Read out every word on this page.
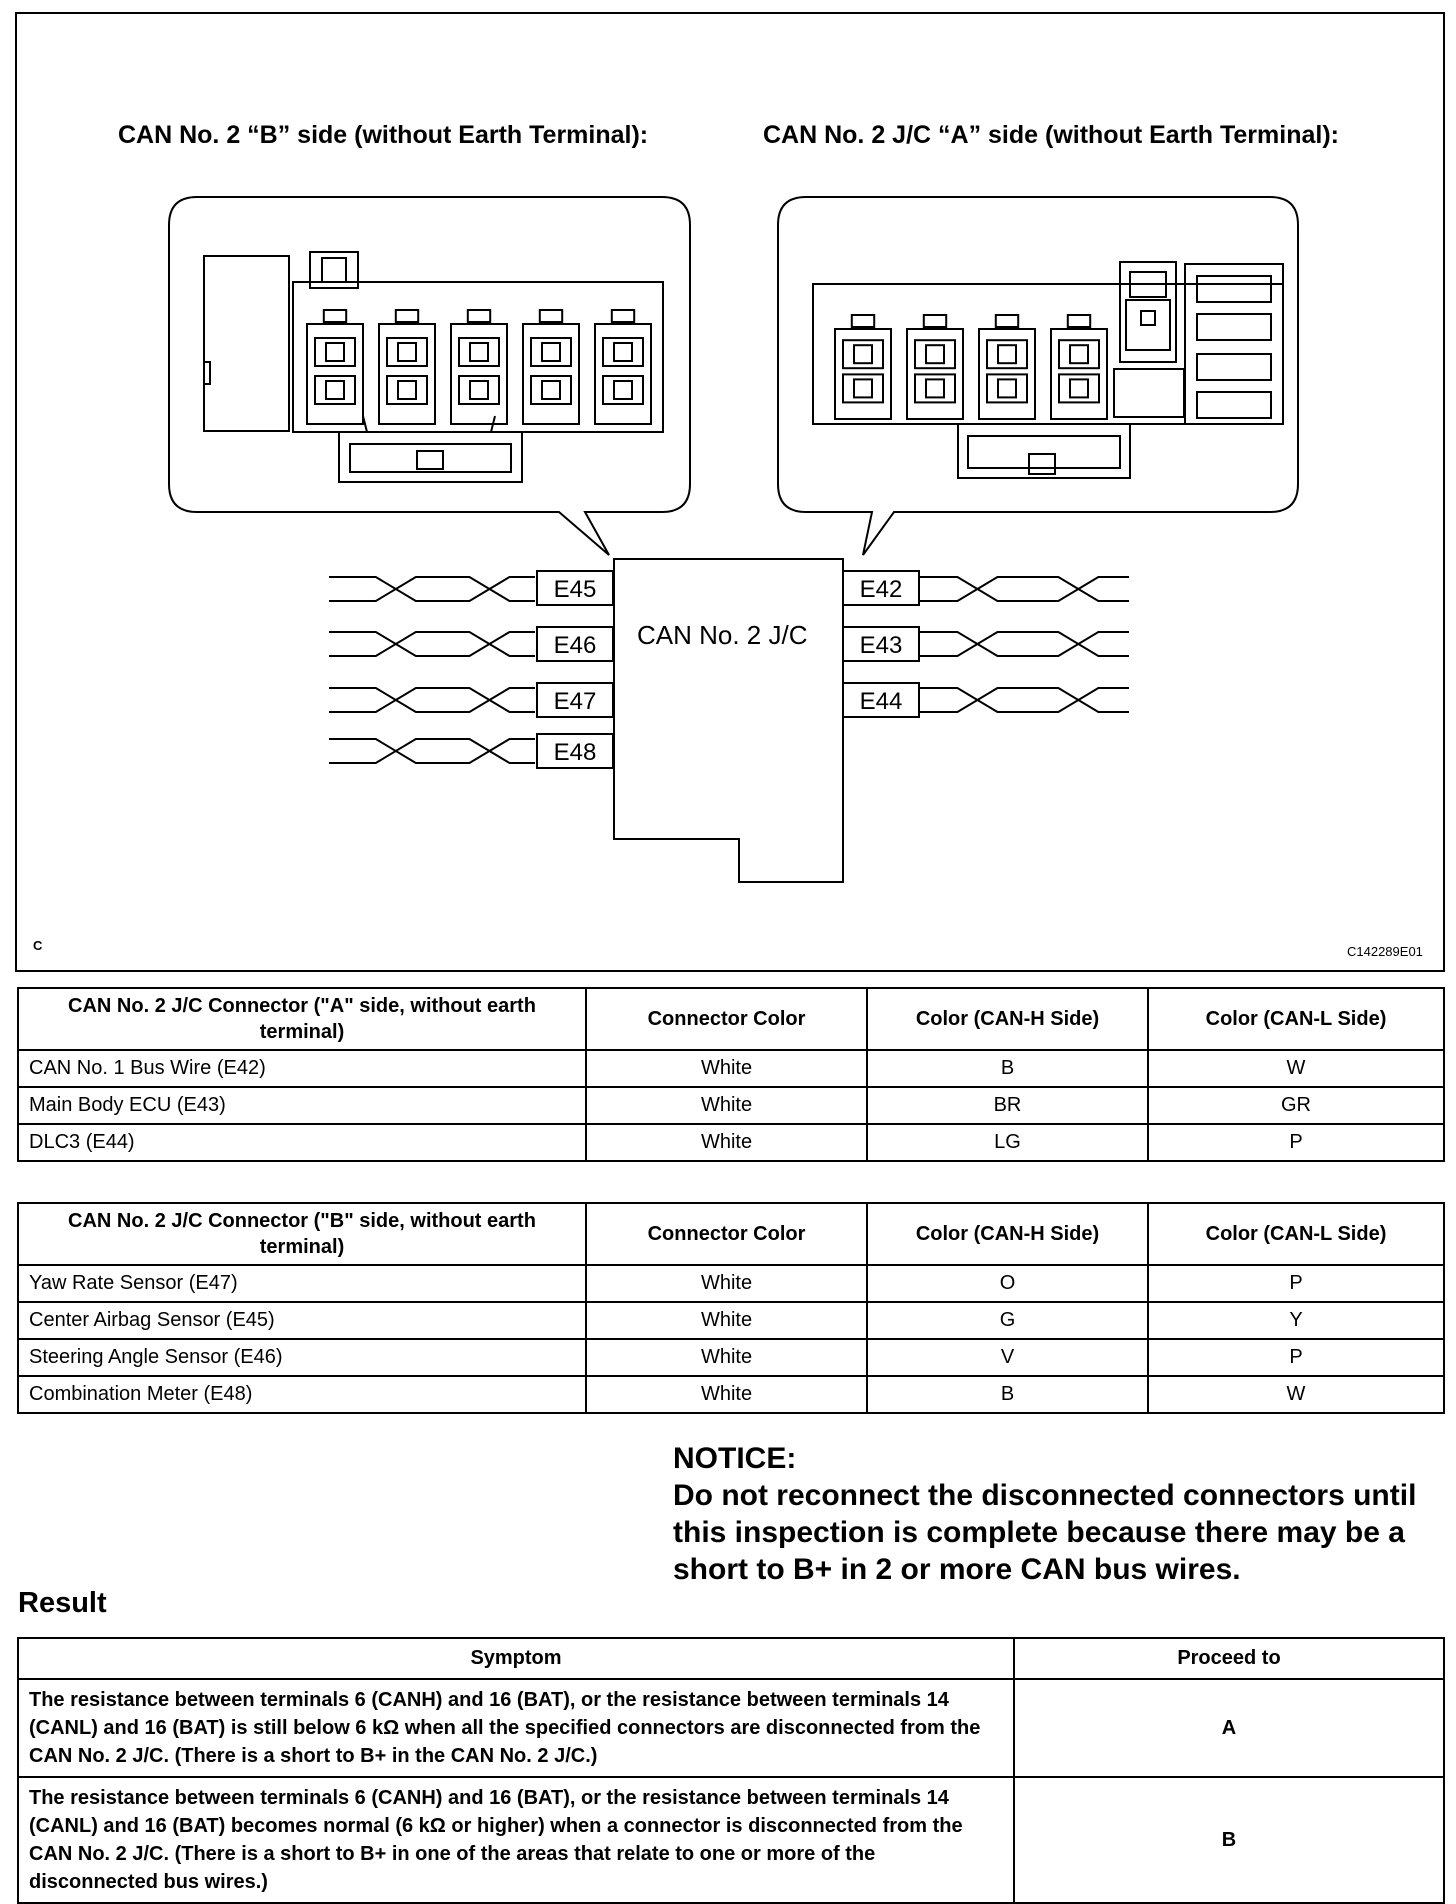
E45
E46
E47
E48
E42
E43
E44
CAN No. 2 “B” side (without Earth Terminal):	CAN No. 2 J/C “A” side (without Earth Terminal):
CAN No. 2 J/C
C	C142289E01
CAN No. 2 J/C Connector ("A" side, without earth terminal)	Connector Color	Color (CAN-H Side)	Color (CAN-L Side)
CAN No. 1 Bus Wire (E42)	White	B	W
Main Body ECU (E43)	White	BR	GR
DLC3 (E44)	White	LG	P
CAN No. 2 J/C Connector ("B" side, without earth terminal)	Connector Color	Color (CAN-H Side)	Color (CAN-L Side)
Yaw Rate Sensor (E47)	White	O	P
Center Airbag Sensor (E45)	White	G	Y
Steering Angle Sensor (E46)	White	V	P
Combination Meter (E48)	White	B	W
NOTICE:
Do not reconnect the disconnected connectors until this inspection is complete because there may be a short to B+ in 2 or more CAN bus wires.
Result
Symptom	Proceed to
The resistance between terminals 6 (CANH) and 16 (BAT), or the resistance between terminals 14 (CANL) and 16 (BAT) is still below 6 kΩ when all the specified connectors are disconnected from the CAN No. 2 J/C. (There is a short to B+ in the CAN No. 2 J/C.)	A
The resistance between terminals 6 (CANH) and 16 (BAT), or the resistance between terminals 14 (CANL) and 16 (BAT) becomes normal (6 kΩ or higher) when a connector is disconnected from the CAN No. 2 J/C. (There is a short to B+ in one of the areas that relate to one or more of the disconnected bus wires.)	B
